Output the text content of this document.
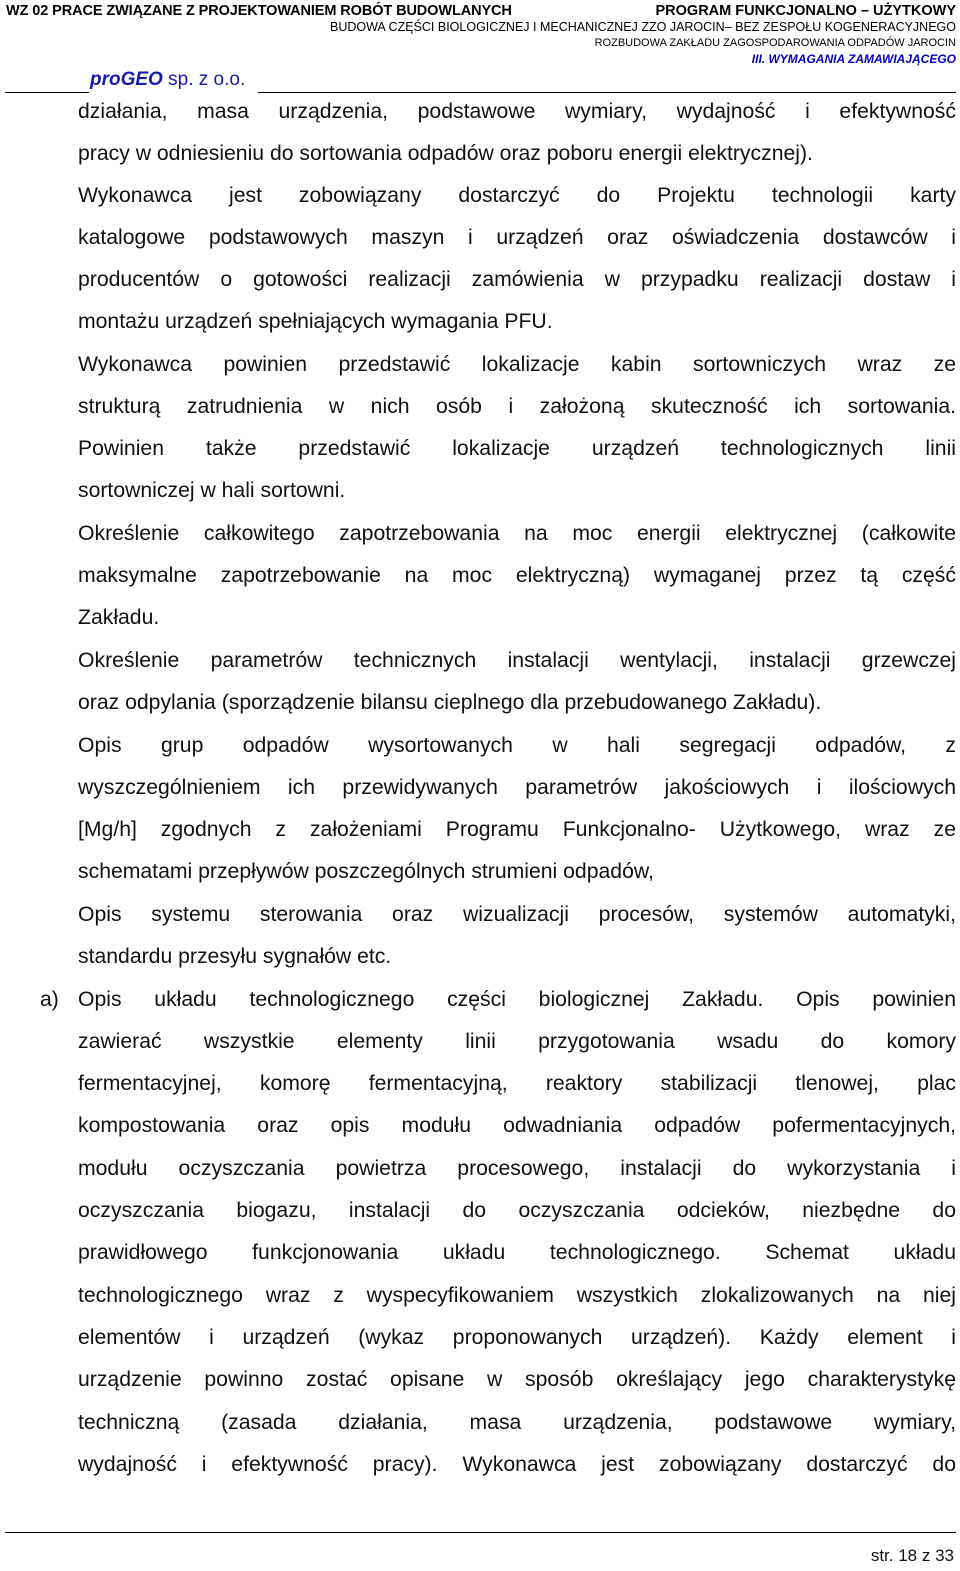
WZ 02 PRACE ZWIĄZANE Z PROJEKTOWANIEM ROBÓT BUDOWLANYCH	PROGRAM FUNKCJONALNO – UŻYTKOWY
BUDOWA CZĘŚCI BIOLOGICZNEJ I MECHANICZNEJ ZZO JAROCIN– BEZ ZESPOŁU KOGENERACYJNEGO
ROZBUDOWA ZAKŁADU ZAGOSPODAROWANIA ODPADÓW JAROCIN
III. WYMAGANIA ZAMAWIAJĄCEGO
proGEO sp. z o.o.
działania, masa urządzenia, podstawowe wymiary, wydajność i efektywność
pracy w odniesieniu do sortowania odpadów oraz poboru energii elektrycznej).
Wykonawca jest zobowiązany dostarczyć do Projektu technologii karty
katalogowe podstawowych maszyn i urządzeń oraz oświadczenia dostawców i
producentów o gotowości realizacji zamówienia w przypadku realizacji dostaw i
montażu urządzeń spełniających wymagania PFU.
Wykonawca powinien przedstawić lokalizacje kabin sortowniczych wraz ze
strukturą zatrudnienia w nich osób i założoną skuteczność ich sortowania.
Powinien także przedstawić lokalizacje urządzeń technologicznych linii
sortowniczej w hali sortowni.
Określenie całkowitego zapotrzebowania na moc energii elektrycznej (całkowite
maksymalne zapotrzebowanie na moc elektryczną) wymaganej przez tą część
Zakładu.
Określenie parametrów technicznych instalacji wentylacji, instalacji grzewczej
oraz odpylania (sporządzenie bilansu cieplnego dla przebudowanego Zakładu).
Opis grup odpadów wysortowanych w hali segregacji odpadów, z
wyszczególnieniem ich przewidywanych parametrów jakościowych i ilościowych
[Mg/h] zgodnych z założeniami Programu Funkcjonalno- Użytkowego, wraz ze
schematami przepływów poszczególnych strumieni odpadów,
Opis systemu sterowania oraz wizualizacji procesów, systemów automatyki,
standardu przesyłu sygnałów etc.
a) Opis układu technologicznego części biologicznej Zakładu. Opis powinien
zawierać wszystkie elementy linii przygotowania wsadu do komory
fermentacyjnej, komorę fermentacyjną, reaktory stabilizacji tlenowej, plac
kompostowania oraz opis modułu odwadniania odpadów pofermentacyjnych,
modułu oczyszczania powietrza procesowego, instalacji do wykorzystania i
oczyszczania biogazu, instalacji do oczyszczania odcieków, niezbędne do
prawidłowego funkcjonowania układu technologicznego. Schemat układu
technologicznego wraz z wyspecyfikowaniem wszystkich zlokalizowanych na niej
elementów i urządzeń (wykaz proponowanych urządzeń). Każdy element i
urządzenie powinno zostać opisane w sposób określający jego charakterystykę
techniczną (zasada działania, masa urządzenia, podstawowe wymiary,
wydajność i efektywność pracy). Wykonawca jest zobowiązany dostarczyć do
str. 18 z 33
